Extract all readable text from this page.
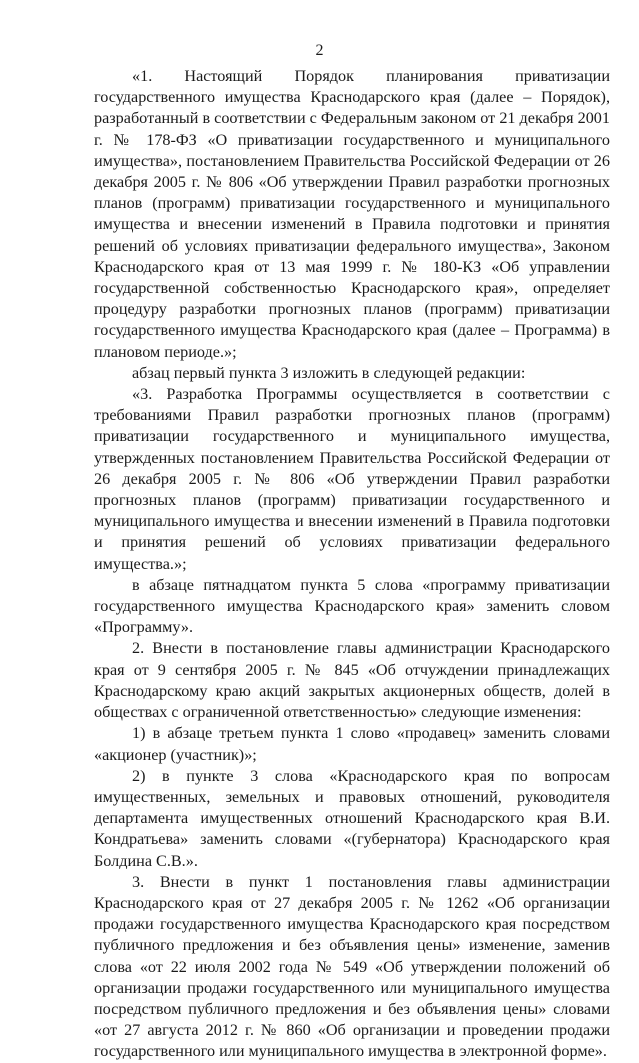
2

«1. Настоящий Порядок планирования приватизации государственного имущества Краснодарского края (далее – Порядок), разработанный в соответствии с Федеральным законом от 21 декабря 2001 г. № 178-ФЗ «О приватизации государственного и муниципального имущества», постановлением Правительства Российской Федерации от 26 декабря 2005 г. № 806 «Об утверждении Правил разработки прогнозных планов (программ) приватизации государственного и муниципального имущества и внесении изменений в Правила подготовки и принятия решений об условиях приватизации федерального имущества», Законом Краснодарского края от 13 мая 1999 г. № 180-КЗ «Об управлении государственной собственностью Краснодарского края», определяет процедуру разработки прогнозных планов (программ) приватизации государственного имущества Краснодарского края (далее – Программа) в плановом периоде.»;

абзац первый пункта 3 изложить в следующей редакции:

«3. Разработка Программы осуществляется в соответствии с требованиями Правил разработки прогнозных планов (программ) приватизации государственного и муниципального имущества, утвержденных постановлением Правительства Российской Федерации от 26 декабря 2005 г. № 806 «Об утверждении Правил разработки прогнозных планов (программ) приватизации государственного и муниципального имущества и внесении изменений в Правила подготовки и принятия решений об условиях приватизации федерального имущества.»;

в абзаце пятнадцатом пункта 5 слова «программу приватизации государственного имущества Краснодарского края» заменить словом «Программу».

2. Внести в постановление главы администрации Краснодарского края от 9 сентября 2005 г. № 845 «Об отчуждении принадлежащих Краснодарскому краю акций закрытых акционерных обществ, долей в обществах с ограниченной ответственностью» следующие изменения:

1) в абзаце третьем пункта 1 слово «продавец» заменить словами «акционер (участник)»;

2) в пункте 3 слова «Краснодарского края по вопросам имущественных, земельных и правовых отношений, руководителя департамента имущественных отношений Краснодарского края В.И. Кондратьева» заменить словами «(губернатора) Краснодарского края Болдина С.В.».

3. Внести в пункт 1 постановления главы администрации Краснодарского края от 27 декабря 2005 г. № 1262 «Об организации продажи государственного имущества Краснодарского края посредством публичного предложения и без объявления цены» изменение, заменив слова «от 22 июля 2002 года № 549 «Об утверждении положений об организации продажи государственного или муниципального имущества посредством публичного предложения и без объявления цены» словами «от 27 августа 2012 г. № 860 «Об организации и проведении продажи государственного или муниципального имущества в электронной форме».
